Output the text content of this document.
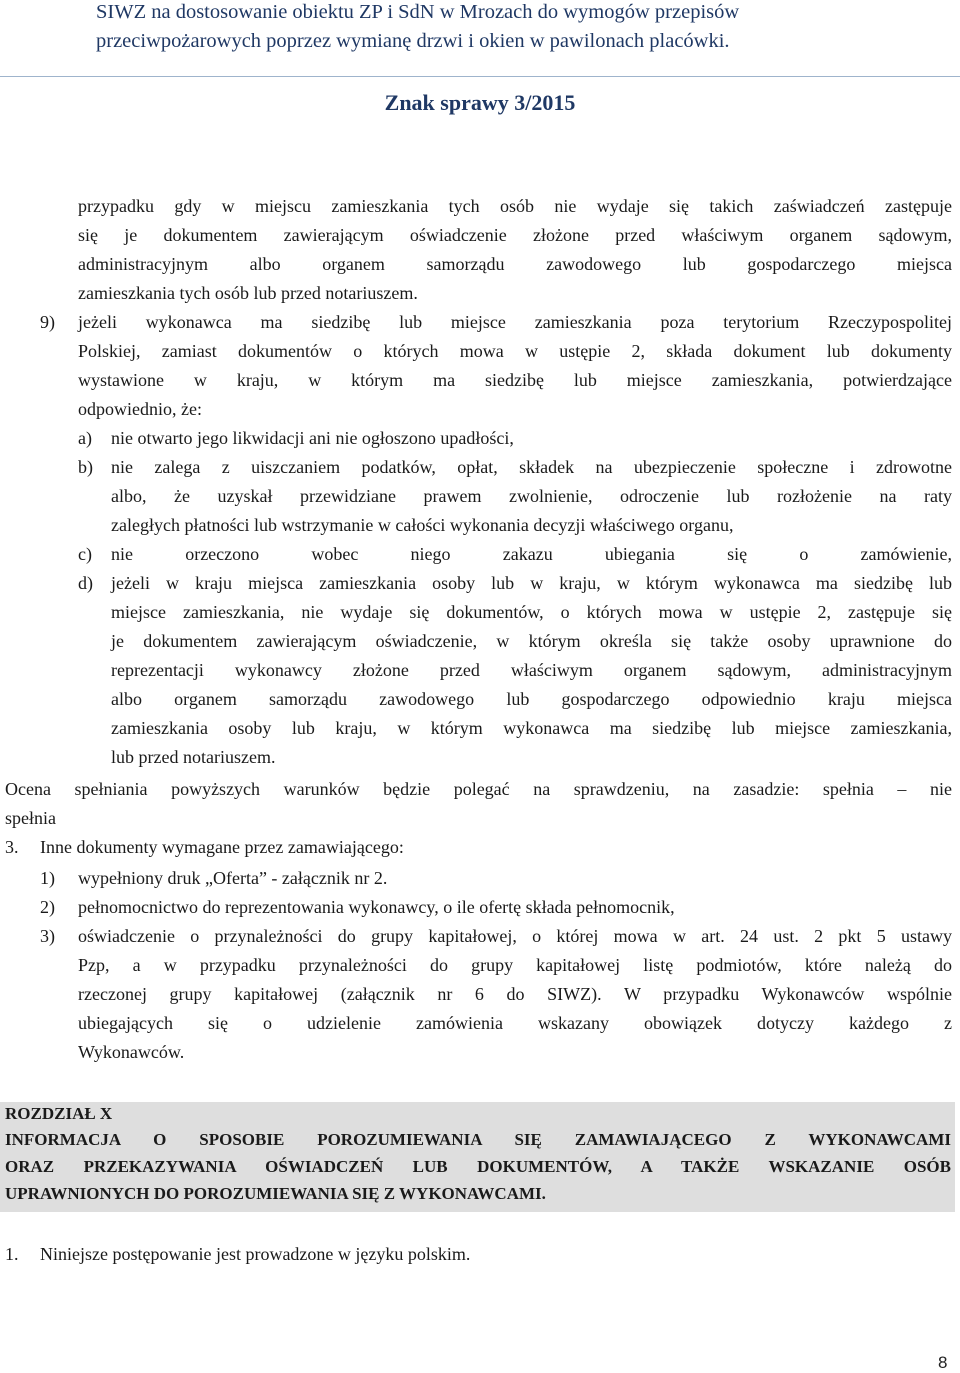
SIWZ na dostosowanie obiektu ZP i SdN w Mrozach do wymogów przepisów
przeciwpożarowych poprzez wymianę drzwi i okien w pawilonach placówki.
Znak sprawy 3/2015
przypadku gdy w miejscu zamieszkania tych osób nie wydaje się takich zaświadczeń zastępuje
się je dokumentem zawierającym oświadczenie złożone przed właściwym organem sądowym,
administracyjnym albo organem samorządu zawodowego lub gospodarczego miejsca
zamieszkania tych osób lub przed notariuszem.
9) jeżeli wykonawca ma siedzibę lub miejsce zamieszkania poza terytorium Rzeczypospolitej
Polskiej, zamiast dokumentów o których mowa w ustępie 2, składa dokument lub dokumenty
wystawione w kraju, w którym ma siedzibę lub miejsce zamieszkania, potwierdzające
odpowiednio, że:
a) nie otwarto jego likwidacji ani nie ogłoszono upadłości,
b) nie zalega z uiszczaniem podatków, opłat, składek na ubezpieczenie społeczne i zdrowotne
albo, że uzyskał przewidziane prawem zwolnienie, odroczenie lub rozłożenie na raty
zaległych płatności lub wstrzymanie w całości wykonania decyzji właściwego organu,
c) nie orzeczono wobec niego zakazu ubiegania się o zamówienie,
d) jeżeli w kraju miejsca zamieszkania osoby lub w kraju, w którym wykonawca ma siedzibę lub
miejsce zamieszkania, nie wydaje się dokumentów, o których mowa w ustępie 2, zastępuje się
je dokumentem zawierającym oświadczenie, w którym określa się także osoby uprawnione do
reprezentacji wykonawcy złożone przed właściwym organem sądowym, administracyjnym
albo organem samorządu zawodowego lub gospodarczego odpowiednio kraju miejsca
zamieszkania osoby lub kraju, w którym wykonawca ma siedzibę lub miejsce zamieszkania,
lub przed notariuszem.
Ocena spełniania powyższych warunków będzie polegać na sprawdzeniu, na zasadzie: spełnia – nie
spełnia
3. Inne dokumenty wymagane przez zamawiającego:
1) wypełniony druk „Oferta” - załącznik nr 2.
2) pełnomocnictwo do reprezentowania wykonawcy, o ile ofertę składa pełnomocnik,
3) oświadczenie o przynależności do grupy kapitałowej, o której mowa w art. 24 ust. 2 pkt 5 ustawy
Pzp, a w przypadku przynależności do grupy kapitałowej listę podmiotów, które należą do
rzeczonej grupy kapitałowej (załącznik nr 6 do SIWZ). W przypadku Wykonawców wspólnie
ubiegających się o udzielenie zamówienia wskazany obowiązek dotyczy każdego z
Wykonawców.
ROZDZIAŁ X
INFORMACJA O SPOSOBIE POROZUMIEWANIA SIĘ ZAMAWIAJĄCEGO Z WYKONAWCAMI
ORAZ PRZEKAZYWANIA OŚWIADCZEŃ LUB DOKUMENTÓW, A TAKŻE WSKAZANIE OSÓB
UPRAWNIONYCH DO POROZUMIEWANIA SIĘ Z WYKONAWCAMI.
1. Niniejsze postępowanie jest prowadzone w języku polskim.
8
